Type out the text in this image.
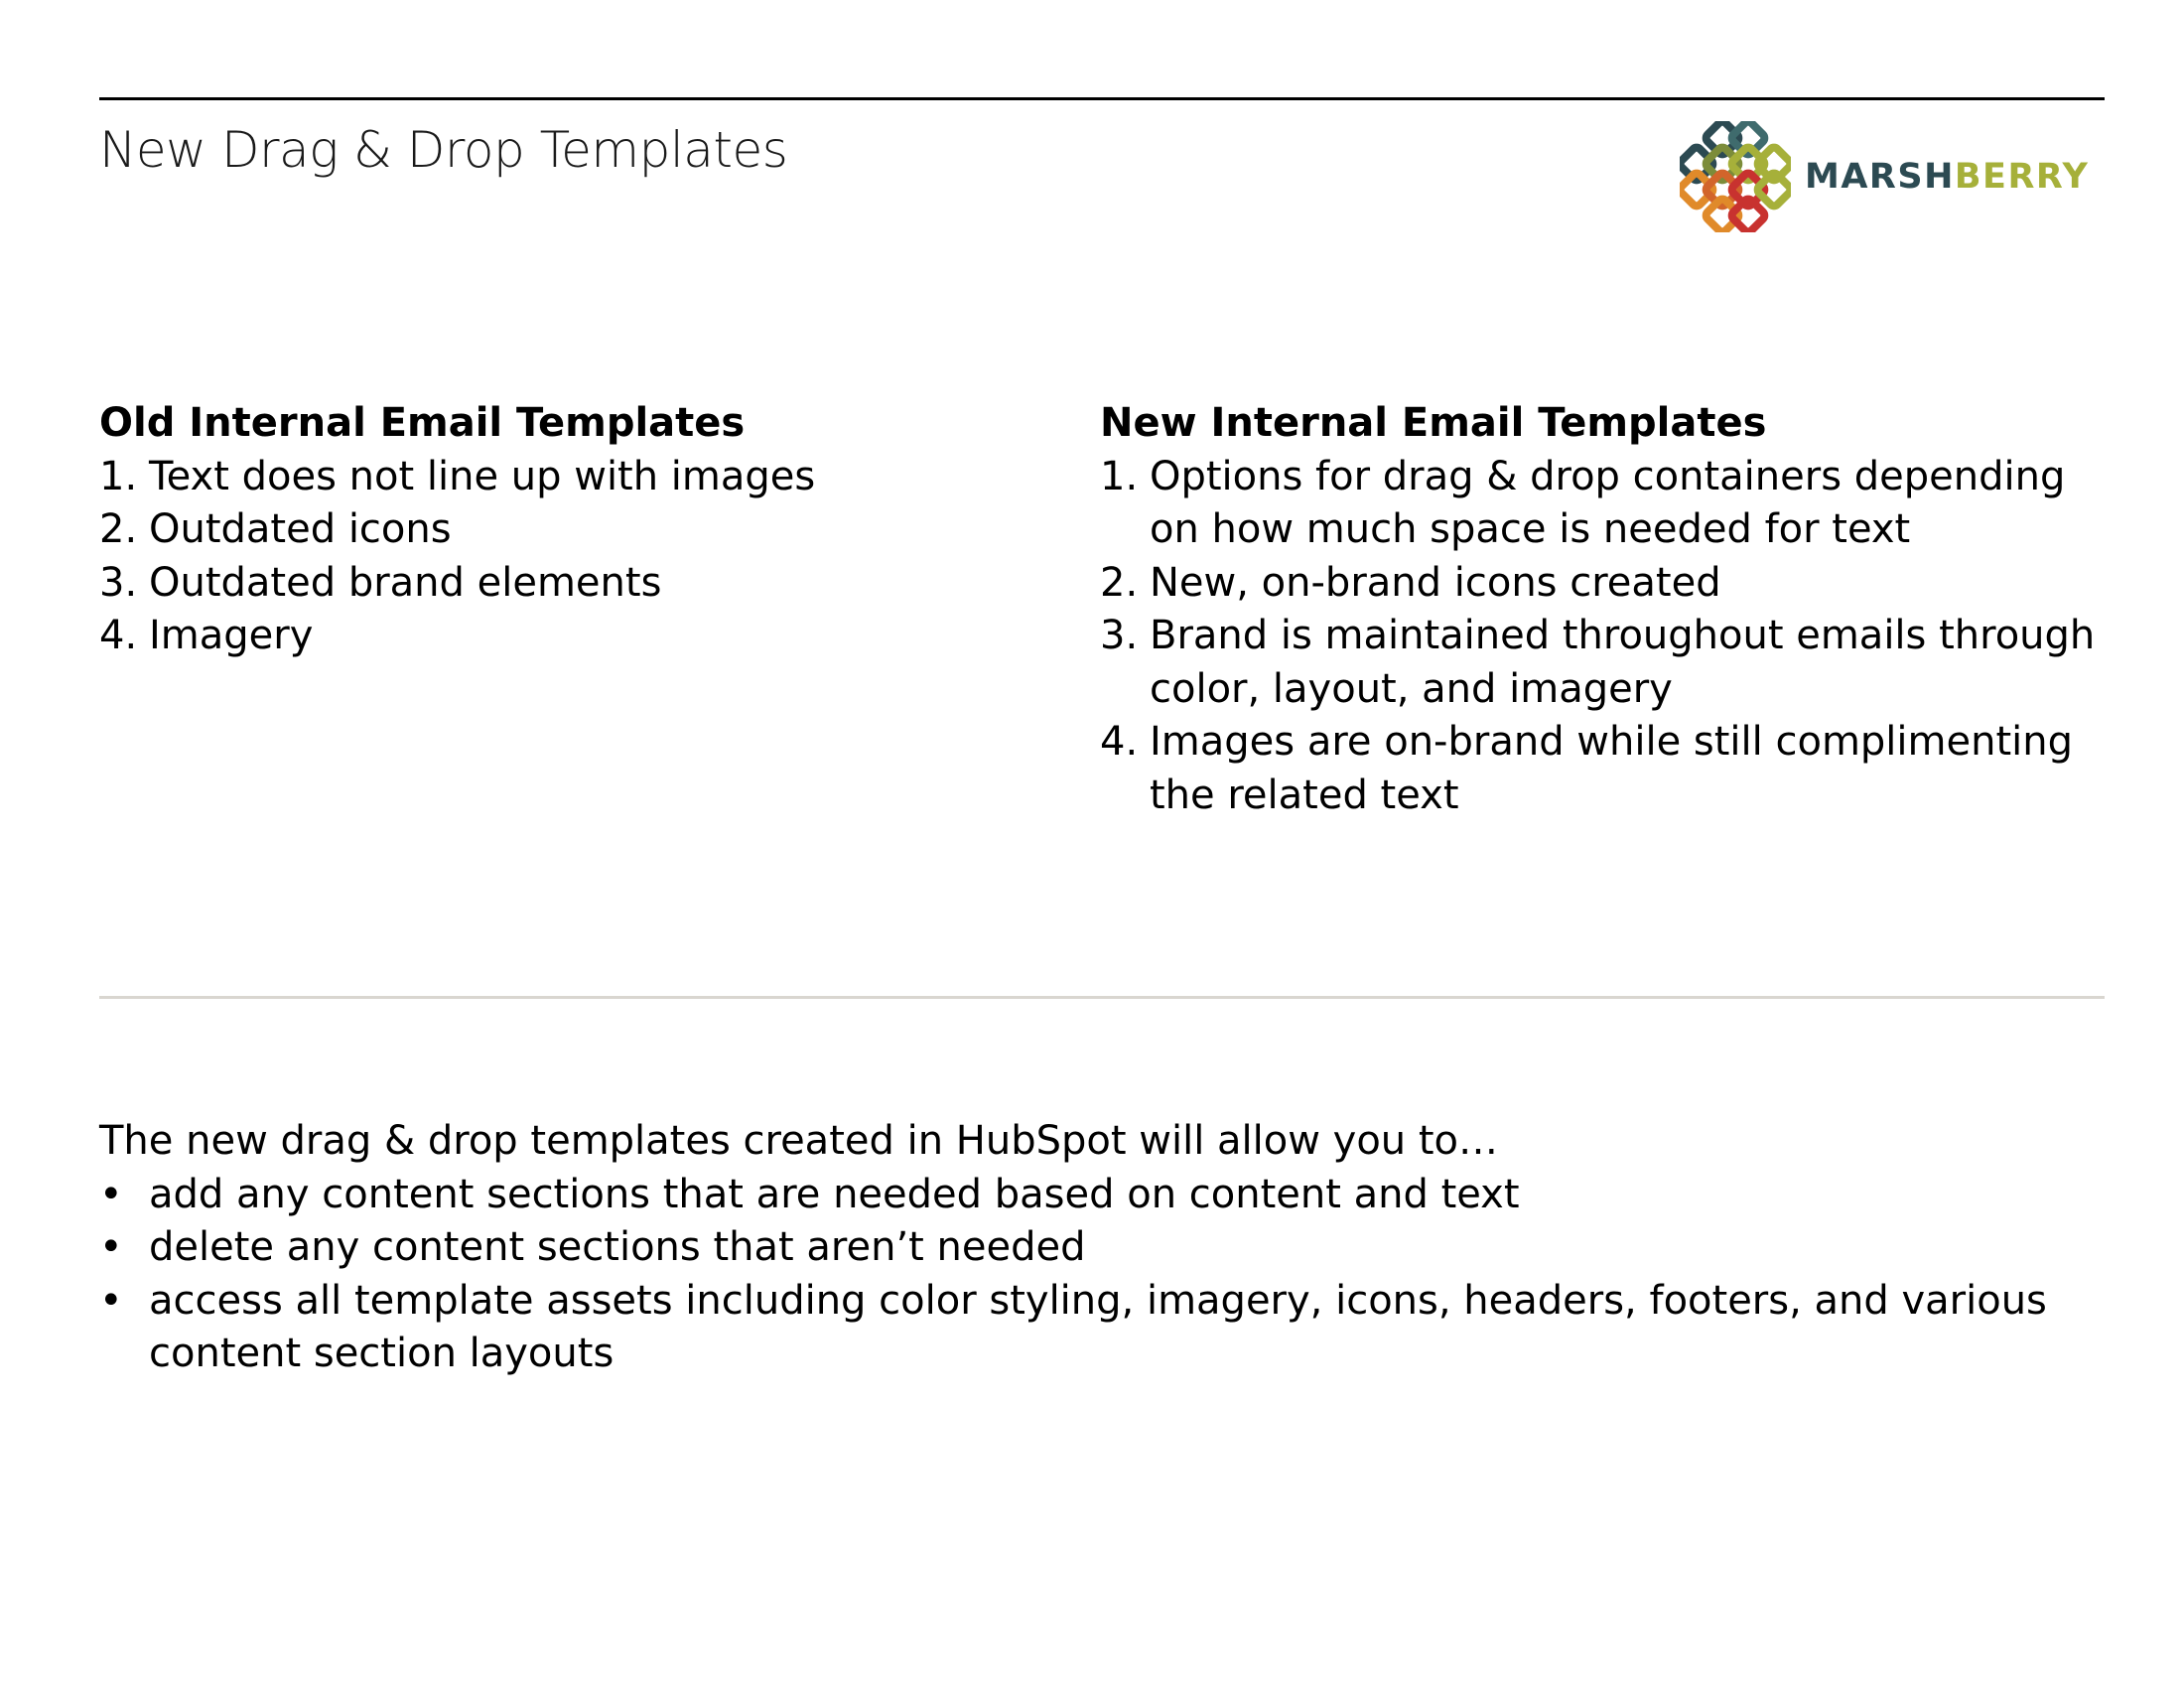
New Drag & Drop Templates	MARSHBERRY
Old Internal Email Templates
1. Text does not line up with images
2. Outdated icons
3. Outdated brand elements
4. Imagery
New Internal Email Templates
1. Options for drag & drop containers depending on how much space is needed for text
2. New, on-brand icons created
3. Brand is maintained throughout emails through color, layout, and imagery
4. Images are on-brand while still complimenting the related text
The new drag & drop templates created in HubSpot will allow you to…
• add any content sections that are needed based on content and text
• delete any content sections that aren’t needed
• access all template assets including color styling, imagery, icons, headers, footers, and various content section layouts
